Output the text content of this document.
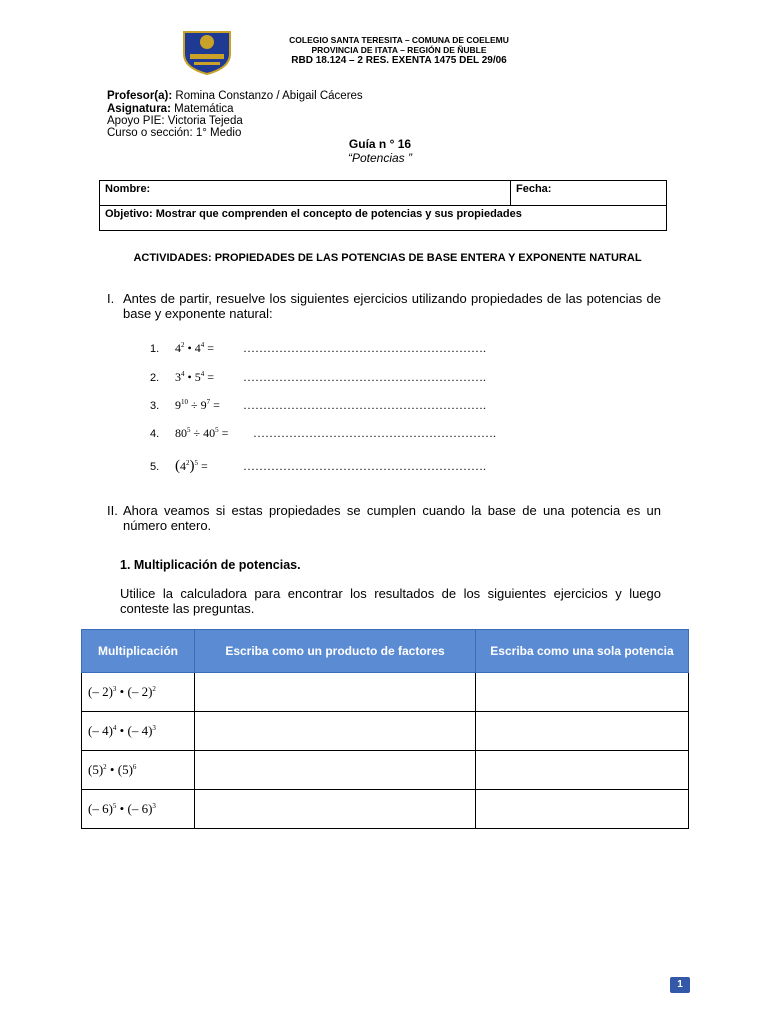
COLEGIO SANTA TERESITA – COMUNA DE COELEMU
PROVINCIA DE ITATA – REGIÓN DE ÑUBLE
RBD 18.124 – 2 RES. EXENTA 1475 DEL 29/06
Profesor(a): Romina Constanzo / Abigail Cáceres
Asignatura: Matemática
Apoyo PIE: Victoria Tejeda
Curso o sección: 1° Medio
Guía n ° 16
“Potencias ”
Nombre:	Fecha:
Objetivo: Mostrar que comprenden el concepto de potencias y sus propiedades
ACTIVIDADES: PROPIEDADES DE LAS POTENCIAS DE BASE ENTERA Y EXPONENTE NATURAL
I. Antes de partir, resuelve los siguientes ejercicios utilizando propiedades de las potencias de base y exponente natural:
1. $4^2$ • $4^4$ = …………………………………………………….
2. $3^4$ • $5^4$ = …………………………………………………….
3. $9^{10} \div 9^7$ = …………………………………………………….
4. $80^5 \div 40^5$ = …………………………………………………….
5. $(4^2)^5$ =	…………………………………………………….
II. Ahora veamos si estas propiedades se cumplen cuando la base de una potencia es un número entero.
1. Multiplicación de potencias.
Utilice la calculadora para encontrar los resultados de los siguientes ejercicios y luego conteste las preguntas.
Multiplicación	Escriba como un producto de factores	Escriba como una sola potencia
(– 2)$^3$ • (– 2)$^2$		
(– 4)$^4$ • (– 4)$^3$		
$(5)^2$ • $(5)^6$		
(– 6)$^5$ • (– 6)$^3$		
1
